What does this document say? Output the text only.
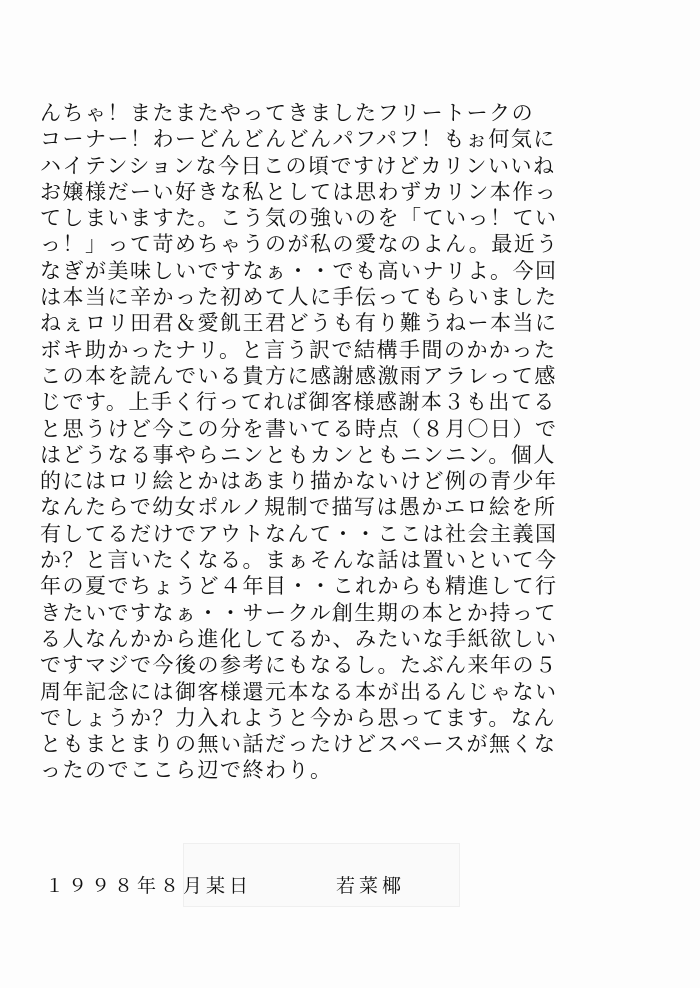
んちゃ！またまたやってきましたフリートークの
コーナー！わーどんどんどんパフパフ！もぉ何気に
ハイテンションな今日この頃ですけどカリンいいね
お嬢様だーい好きな私としては思わずカリン本作っ
てしまいますた。こう気の強いのを「ていっ！てい
っ！」って苛めちゃうのが私の愛なのよん。最近う
なぎが美味しいですなぁ・・でも高いナリよ。今回
は本当に辛かった初めて人に手伝ってもらいました
ねぇロリ田君＆愛飢王君どうも有り難うねー本当に
ボキ助かったナリ。と言う訳で結構手間のかかった
この本を読んでいる貴方に感謝感激雨アラレって感
じです。上手く行ってれば御客様感謝本３も出てる
と思うけど今この分を書いてる時点（８月〇日）で
はどうなる事やらニンともカンともニンニン。個人
的にはロリ絵とかはあまり描かないけど例の青少年
なんたらで幼女ポルノ規制で描写は愚かエロ絵を所
有してるだけでアウトなんて・・ここは社会主義国
か？と言いたくなる。まぁそんな話は置いといて今
年の夏でちょうど４年目・・これからも精進して行
きたいですなぁ・・サークル創生期の本とか持って
る人なんかから進化してるか、みたいな手紙欲しい
ですマジで今後の参考にもなるし。たぶん来年の５
周年記念には御客様還元本なる本が出るんじゃない
でしょうか？力入れようと今から思ってます。なん
ともまとまりの無い話だったけどスペースが無くな
ったのでここら辺で終わり。
１９９８年８月某日	若菜椰
